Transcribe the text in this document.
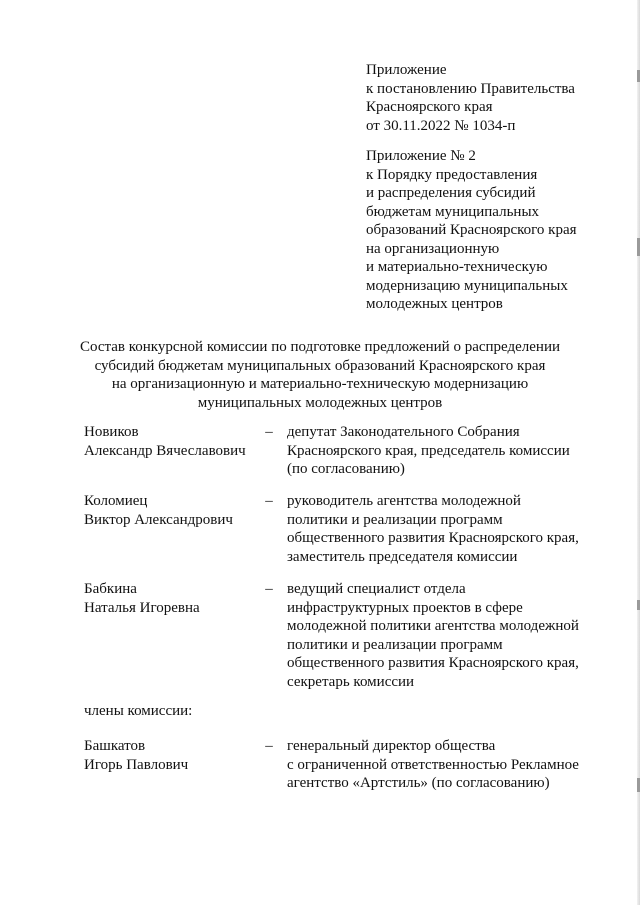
Приложение

к постановлению Правительства

Красноярского края

от 30.11.2022 № 1034-п

Приложение № 2

к Порядку предоставления

и распределения субсидий

бюджетам муниципальных

образований Красноярского края

на организационную

и материально-техническую

модернизацию муниципальных

молодежных центров

Состав конкурсной комиссии по подготовке предложений о распределении

субсидий бюджетам муниципальных образований Красноярского края

на организационную и материально-техническую модернизацию

муниципальных молодежных центров

Новиков

Александр Вячеславович

– депутат Законодательного Собрания

Красноярского края, председатель комиссии

(по согласованию)

Коломиец

Виктор Александрович

– руководитель агентства молодежной

политики и реализации программ

общественного развития Красноярского края,

заместитель председателя комиссии

Бабкина

Наталья Игоревна

– ведущий специалист отдела

инфраструктурных проектов в сфере

молодежной политики агентства молодежной

политики и реализации программ

общественного развития Красноярского края,

секретарь комиссии

члены комиссии:

Башкатов

Игорь Павлович

– генеральный директор общества

с ограниченной ответственностью Рекламное

агентство «Артстиль» (по согласованию)
